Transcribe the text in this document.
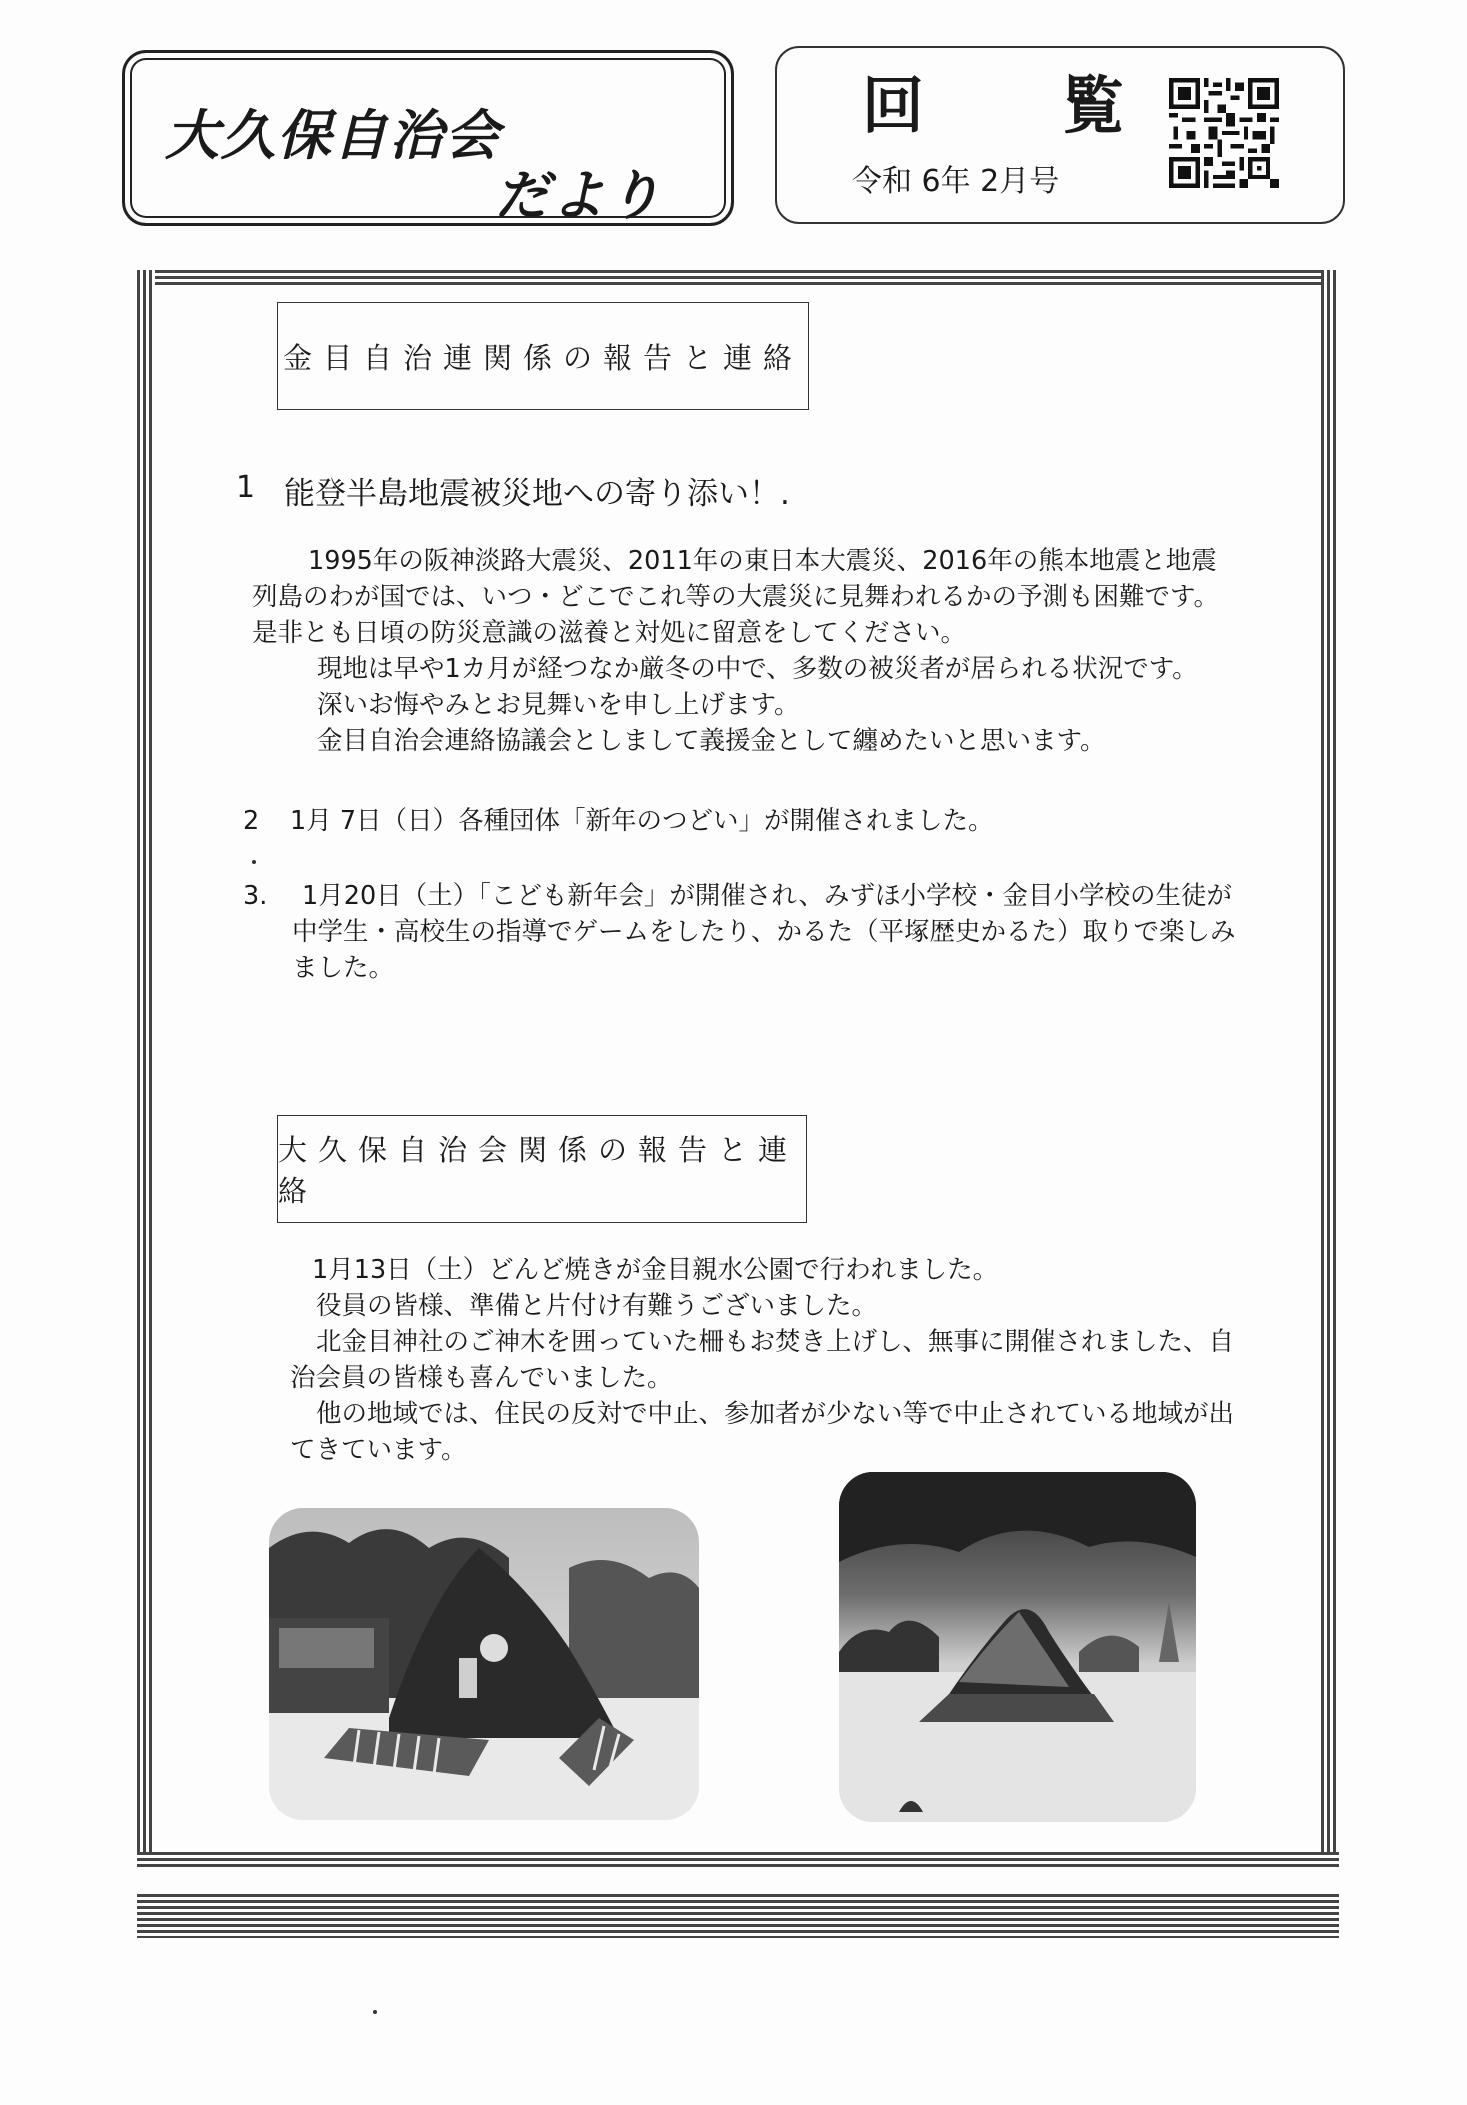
大久保自治会
だより
回　覧
令和 6年 2月号
金目自治連関係の報告と連絡
1 能登半島地震被災地への寄り添い！.

1995年の阪神淡路大震災、2011年の東日本大震災、2016年の熊本地震と地震

列島のわが国では、いつ・どこでこれ等の大震災に見舞われるかの予測も困難です。

是非とも日頃の防災意識の滋養と対処に留意をしてください。

現地は早や1カ月が経つなか厳冬の中で、多数の被災者が居られる状況です。

深いお悔やみとお見舞いを申し上げます。

金目自治会連絡協議会としまして義援金として纏めたいと思います。

2 1月 7日（日）各種団体「新年のつどい」が開催されました。
3.	1月20日（土）「こども新年会」が開催され、みずほ小学校・金目小学校の生徒が

中学生・高校生の指導でゲームをしたり、かるた（平塚歴史かるた）取りで楽しみ

ました。

大久保自治会関係の報告と連絡

1月13日（土）どんど焼きが金目親水公園で行われました。

役員の皆様、準備と片付け有難うございました。

北金目神社のご神木を囲っていた柵もお焚き上げし、無事に開催されました、自

治会員の皆様も喜んでいました。

他の地域では、住民の反対で中止、参加者が少ない等で中止されている地域が出

てきています。
